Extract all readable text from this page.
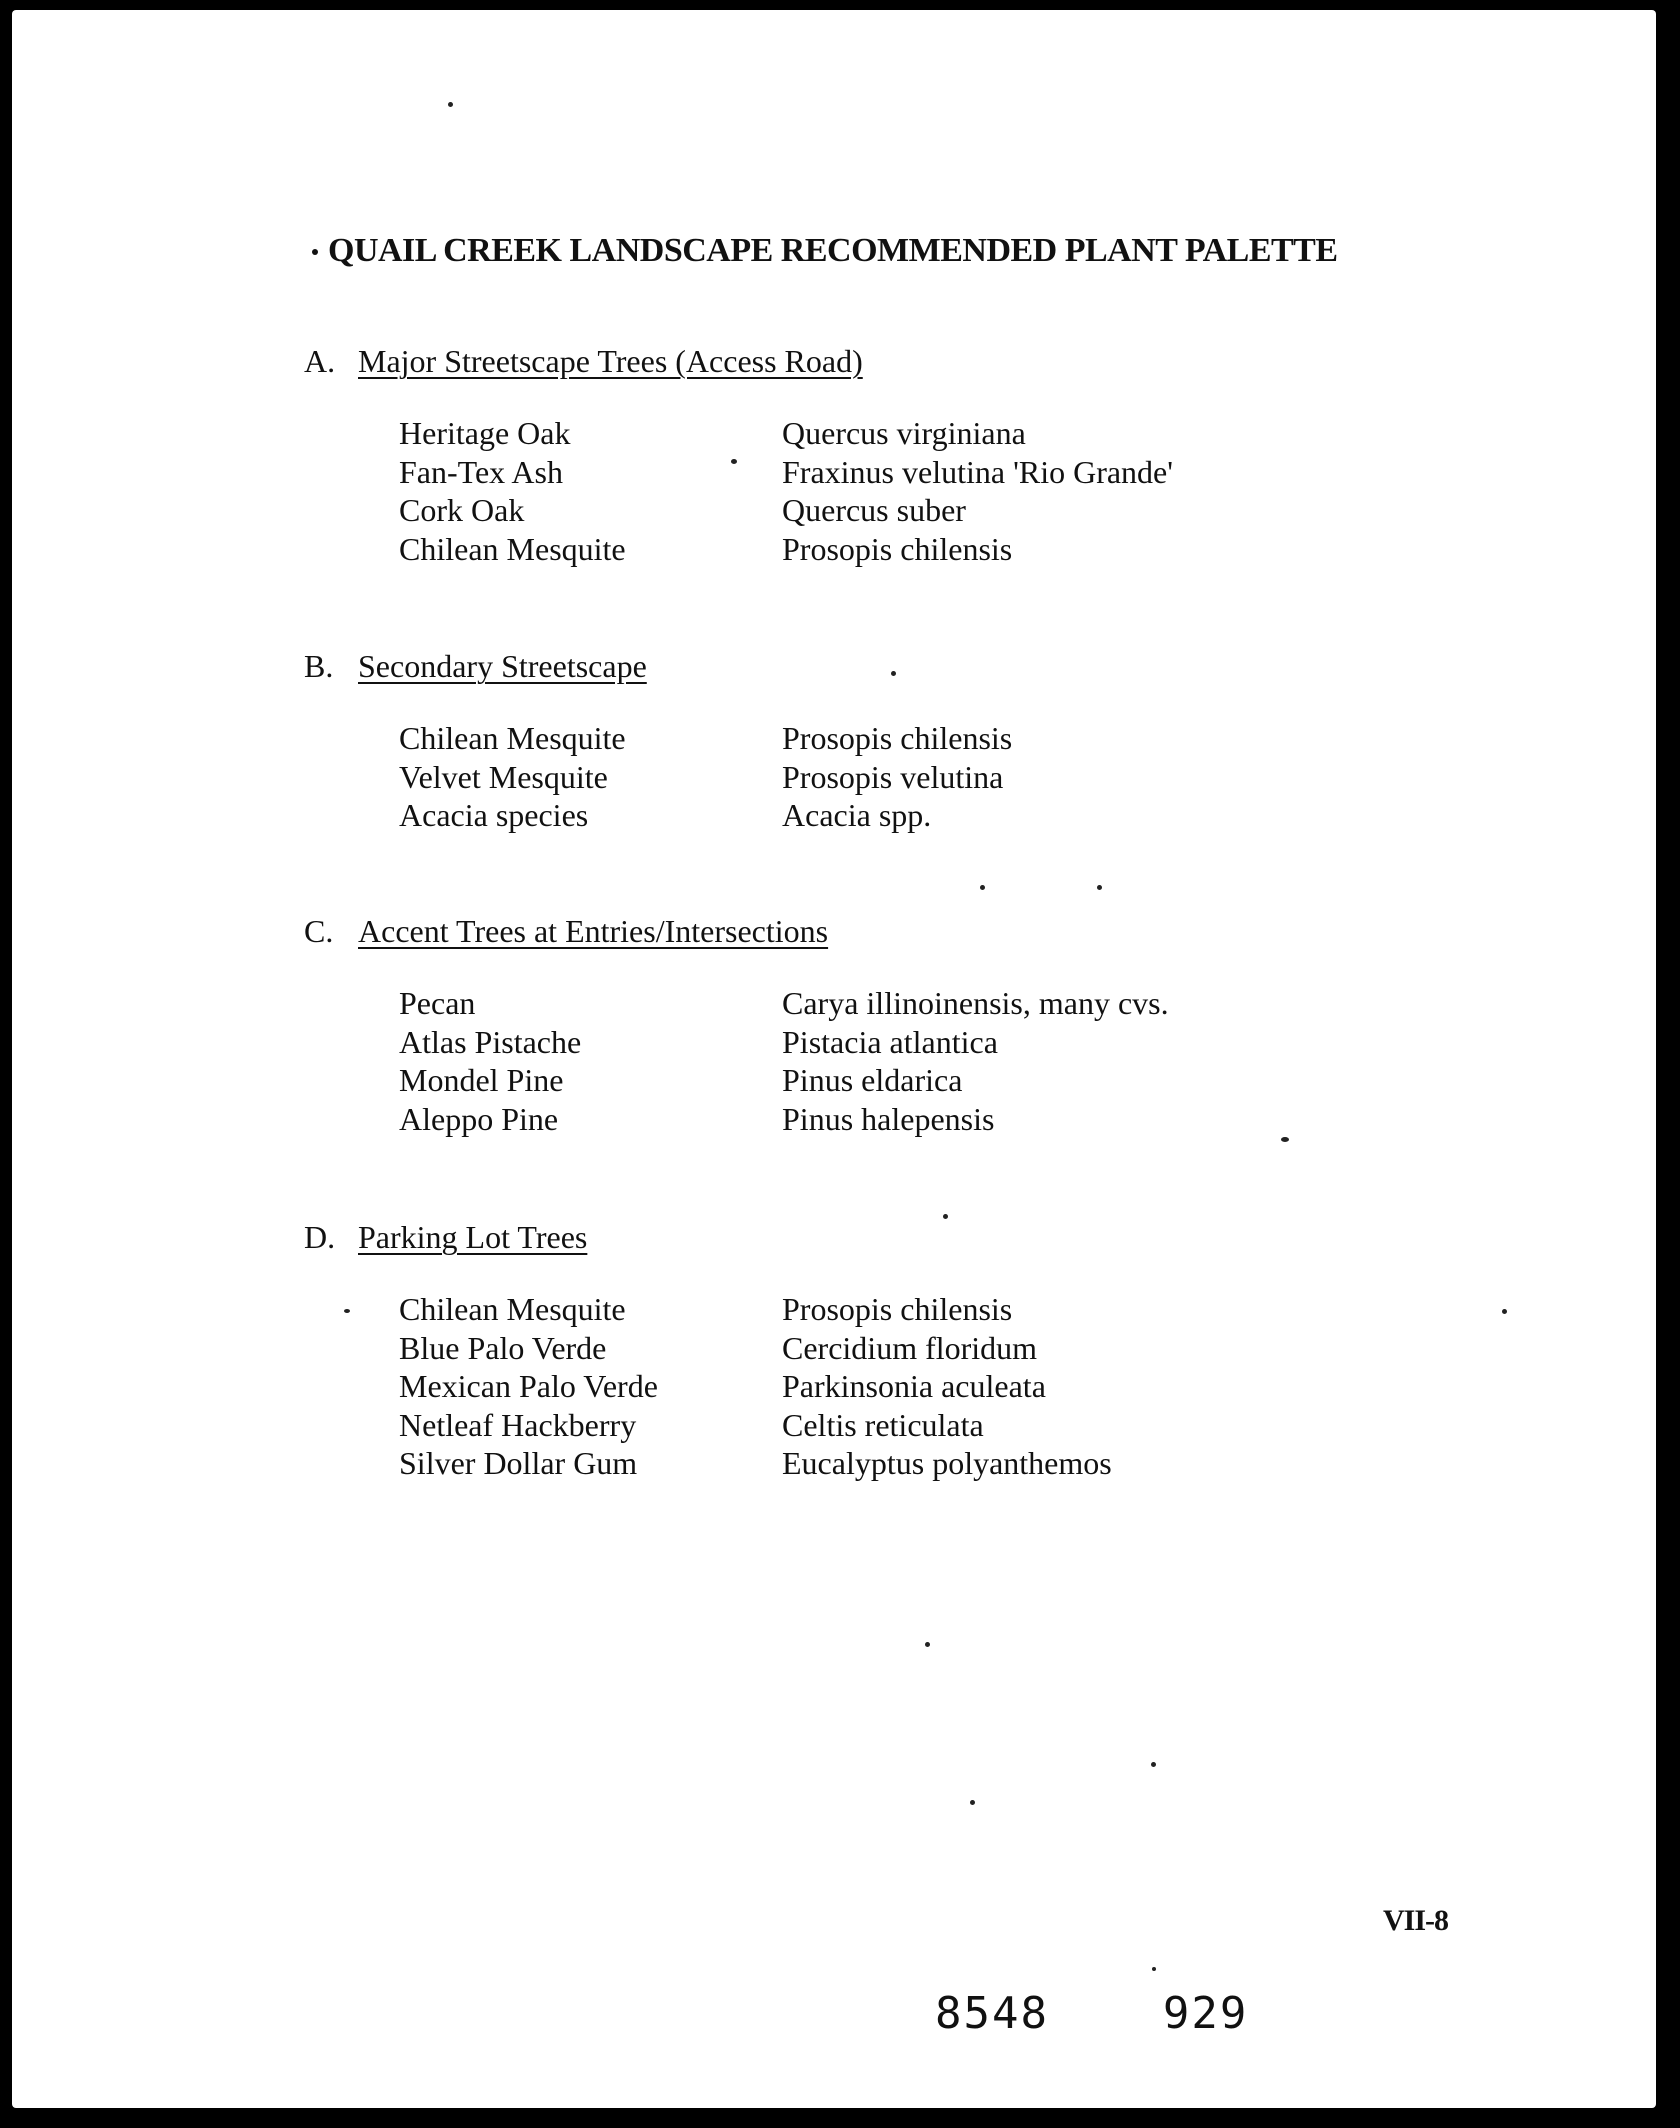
QUAIL CREEK LANDSCAPE RECOMMENDED PLANT PALETTE
A. Major Streetscape Trees (Access Road)
Heritage Oak	Quercus virginiana
Fan-Tex Ash	Fraxinus velutina 'Rio Grande'
Cork Oak	Quercus suber
Chilean Mesquite	Prosopis chilensis
B. Secondary Streetscape
Chilean Mesquite	Prosopis chilensis
Velvet Mesquite	Prosopis velutina
Acacia species	Acacia spp.
C. Accent Trees at Entries/Intersections
Pecan	Carya illinoinensis, many cvs.
Atlas Pistache	Pistacia atlantica
Mondel Pine	Pinus eldarica
Aleppo Pine	Pinus halepensis
D. Parking Lot Trees
Chilean Mesquite	Prosopis chilensis
Blue Palo Verde	Cercidium floridum
Mexican Palo Verde	Parkinsonia aculeata
Netleaf Hackberry	Celtis reticulata
Silver Dollar Gum	Eucalyptus polyanthemos
VII-8
8548    929
